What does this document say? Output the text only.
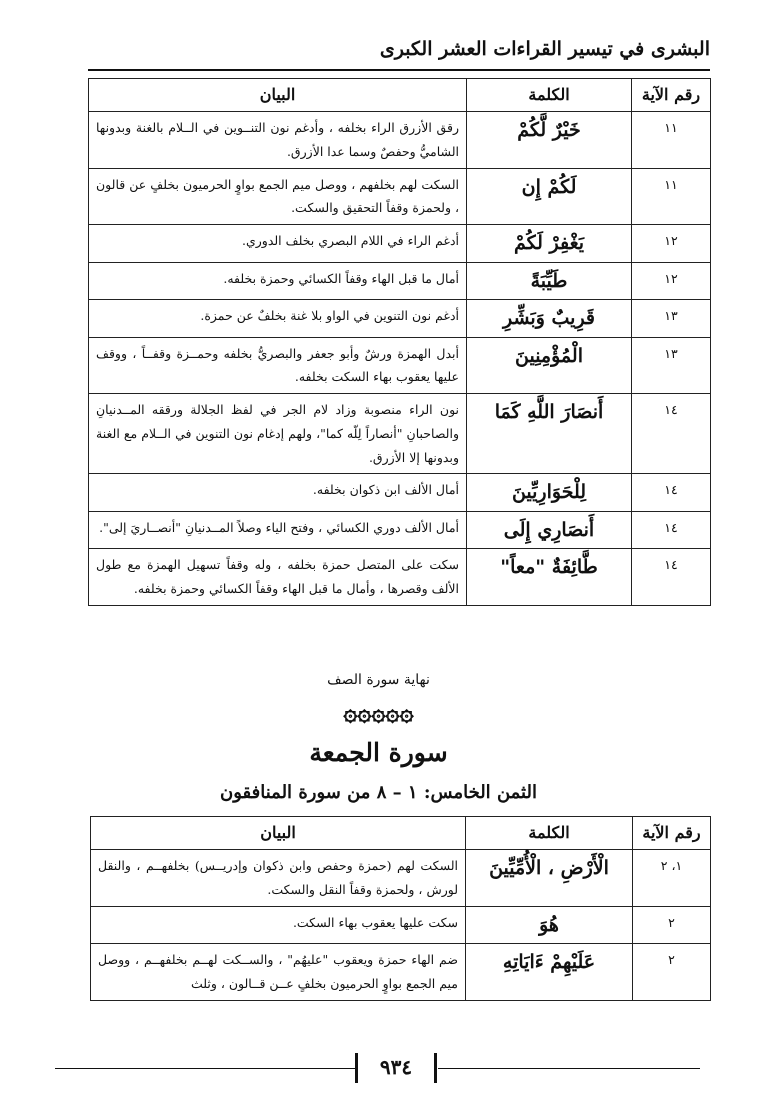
البشرى في تيسير القراءات العشر الكبرى
رقم الآية	الكلمة	البيان
١١	خَيْرٌ لَّكُمْ	رقق الأزرق الراء بخلفه ، وأدغم نون التنــوين في الــلام بالغنة وبدونها الشاميُّ وحفصٌ وسما عدا الأزرق.
١١	لَكُمْ إِن	السكت لهم بخلفهم ، ووصل ميم الجمع بواوٍ الحرميون بخلفٍ عن قالون ، ولحمزة وقفاً التحقيق والسكت.
١٢	يَغْفِرْ لَكُمْ	أدغم الراء في اللام البصري بخلف الدوري.
١٢	طَيِّبَةً	أمال ما قبل الهاء وقفاً الكسائي وحمزة بخلفه.
١٣	قَرِيبٌ وَبَشِّرِ	أدغم نون التنوين في الواو بلا غنة بخلفٌ عن حمزة.
١٣	الْمُؤْمِنِينَ	أبدل الهمزة ورشٌ وأبو جعفر والبصريُّ بخلفه وحمــزة وقفــاً ، ووقف عليها يعقوب بهاء السكت بخلفه.
١٤	أَنصَارَ اللَّهِ كَمَا	نون الراء منصوبة وزاد لام الجر في لفظ الجلالة ورققه المــدنيانِ والصاحبانِ "أنصاراً لِلّه كما"، ولهم إدغام نون التنوين في الــلام مع الغنة وبدونها إلا الأزرق.
١٤	لِلْحَوَارِيِّينَ	أمال الألف ابن ذكوان بخلفه.
١٤	أَنصَارِي إِلَى	أمال الألف دوري الكسائي ، وفتح الياء وصلاً المــدنيانِ "أنصــاريَ إلى".
١٤	طَّائِفَةٌ "معاً"	سكت على المتصل حمزة بخلفه ، وله وقفاً تسهيل الهمزة مع طول الألف وقصرها ، وأمال ما قبل الهاء وقفاً الكسائي وحمزة بخلفه.
نهاية سورة الصف
۞۞۞۞۞
سورة الجمعة
الثمن الخامس: ١ – ٨ من سورة المنافقون
رقم الآية	الكلمة	البيان
١، ٢	الْأَرْضِ ، الْأُمِّيِّينَ	السكت لهم (حمزة وحفص وابن ذكوان وإدريــس) بخلفهــم ، والنقل لورش ، ولحمزة وقفاً النقل والسكت.
٢	هُوَ	سكت عليها يعقوب بهاء السكت.
٢	عَلَيْهِمْ ءَايَاتِهِ	ضم الهاء حمزة ويعقوب "عليهُم" ، والســكت لهــم بخلفهــم ، ووصل ميم الجمع بواوٍ الحرميون بخلفٍ عــن قــالون ، وثلث
٩٣٤
